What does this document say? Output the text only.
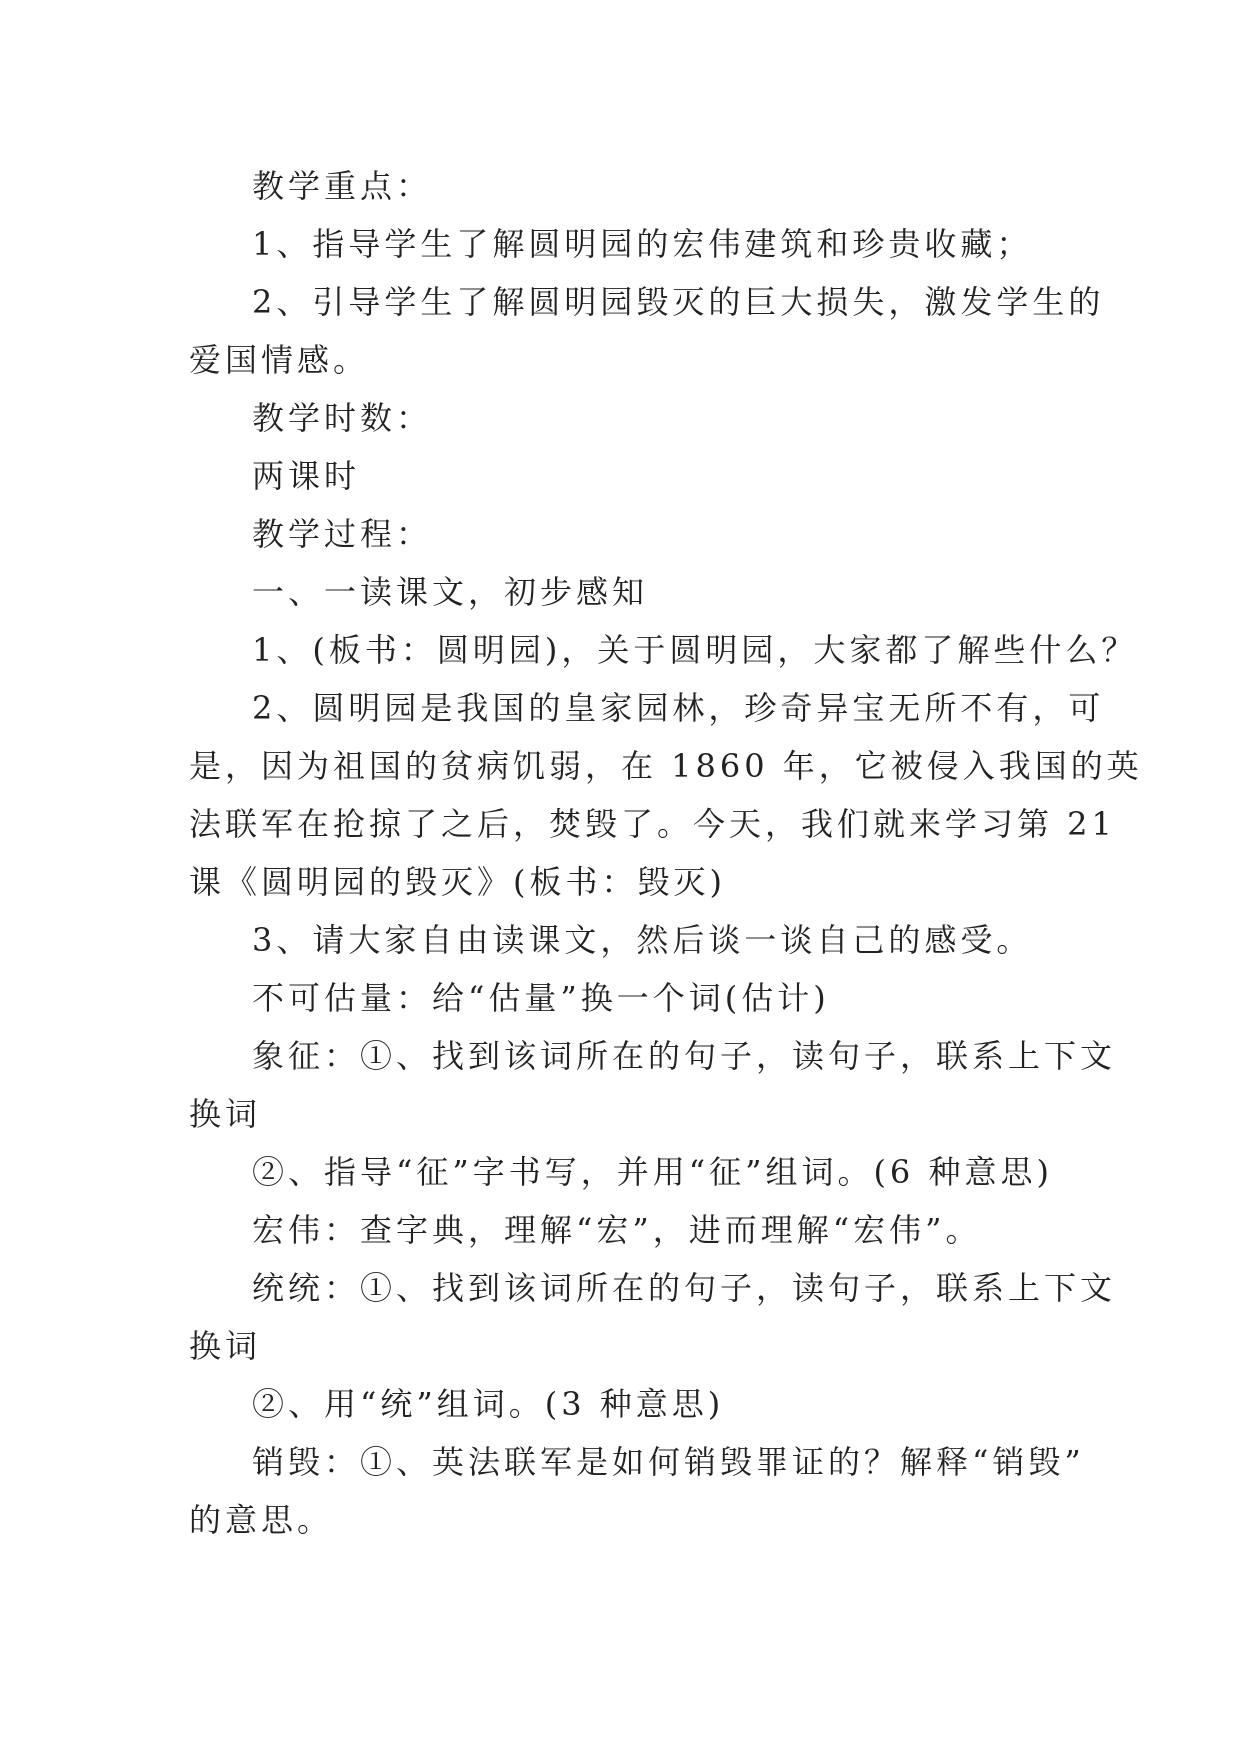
教学重点：
1、指导学生了解圆明园的宏伟建筑和珍贵收藏；
2、引导学生了解圆明园毁灭的巨大损失，激发学生的
爱国情感。
教学时数：
两课时
教学过程：
一、一读课文，初步感知
1、(板书：圆明园)，关于圆明园，大家都了解些什么？
2、圆明园是我国的皇家园林，珍奇异宝无所不有，可
是，因为祖国的贫病饥弱，在 1860 年，它被侵入我国的英
法联军在抢掠了之后，焚毁了。今天，我们就来学习第 21
课《圆明园的毁灭》(板书：毁灭)
3、请大家自由读课文，然后谈一谈自己的感受。
不可估量：给“估量”换一个词(估计)
象征：①、找到该词所在的句子，读句子，联系上下文
换词
②、指导“征”字书写，并用“征”组词。(6 种意思)
宏伟：查字典，理解“宏”，进而理解“宏伟”。
统统：①、找到该词所在的句子，读句子，联系上下文
换词
②、用“统”组词。(3 种意思)
销毁：①、英法联军是如何销毁罪证的？解释“销毁”
的意思。
